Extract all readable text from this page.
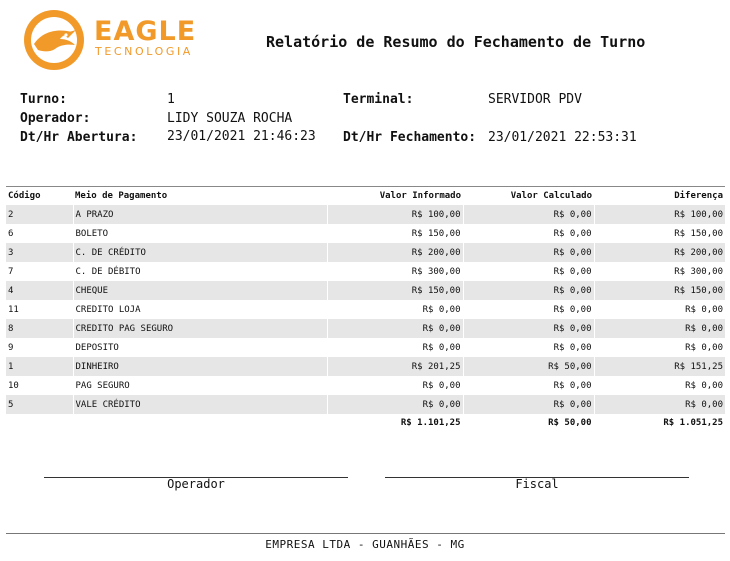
EAGLE
TECNOLOGIA
Relatório de Resumo do Fechamento de Turno
Turno:	1	Terminal:	SERVIDOR PDV
Operador:	LIDY SOUZA ROCHA
Dt/Hr Abertura: 23/01/2021 21:46:23 Dt/Hr Fechamento: 23/01/2021 22:53:31
Código	Meio de Pagamento	Valor Informado	Valor Calculado	Diferença
2	A PRAZO	R$ 100,00	R$ 0,00	R$ 100,00
6	BOLETO	R$ 150,00	R$ 0,00	R$ 150,00
3	C. DE CRÉDITO	R$ 200,00	R$ 0,00	R$ 200,00
7	C. DE DÉBITO	R$ 300,00	R$ 0,00	R$ 300,00
4	CHEQUE	R$ 150,00	R$ 0,00	R$ 150,00
11	CREDITO LOJA	R$ 0,00	R$ 0,00	R$ 0,00
8	CREDITO PAG SEGURO	R$ 0,00	R$ 0,00	R$ 0,00
9	DEPOSITO	R$ 0,00	R$ 0,00	R$ 0,00
1	DINHEIRO	R$ 201,25	R$ 50,00	R$ 151,25
10	PAG SEGURO	R$ 0,00	R$ 0,00	R$ 0,00
5	VALE CRÉDITO	R$ 0,00	R$ 0,00	R$ 0,00
		R$ 1.101,25	R$ 50,00	R$ 1.051,25
Operador	Fiscal
EMPRESA LTDA - GUANHÃES - MG
